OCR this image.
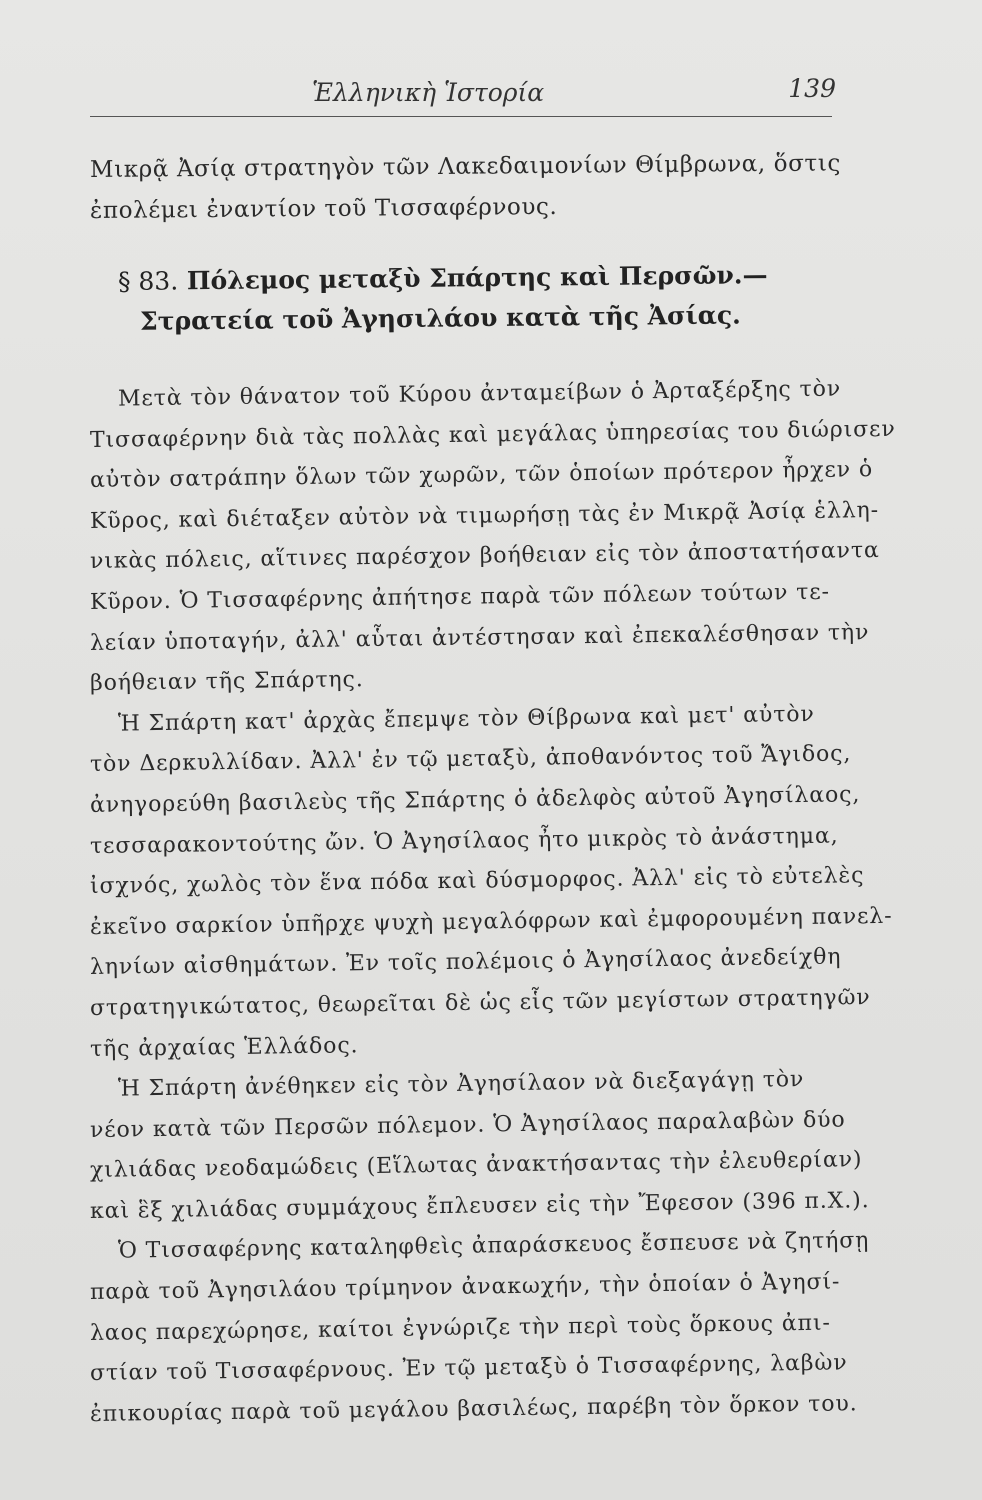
Ἑλληνικὴ Ἱστορία	139
Μικρᾷ Ἀσίᾳ στρατηγὸν τῶν Λακεδαιμονίων Θίμβρωνα, ὅστις
ἐπολέμει ἐναντίον τοῦ Τισσαφέρνους.
§ 83. Πόλεμος μεταξὺ Σπάρτης καὶ Περσῶν.—
Στρατεία τοῦ Ἀγησιλάου κατὰ τῆς Ἀσίας.
Μετὰ τὸν θάνατον τοῦ Κύρου ἀνταμείβων ὁ Ἀρταξέρξης τὸν
Τισσαφέρνην διὰ τὰς πολλὰς καὶ μεγάλας ὑπηρεσίας του διώρισεν
αὐτὸν σατράπην ὅλων τῶν χωρῶν, τῶν ὁποίων πρότερον ἦρχεν ὁ
Κῦρος, καὶ διέταξεν αὐτὸν νὰ τιμωρήσῃ τὰς ἐν Μικρᾷ Ἀσίᾳ ἑλλη-
νικὰς πόλεις, αἵτινες παρέσχον βοήθειαν εἰς τὸν ἀποστατήσαντα
Κῦρον. Ὁ Τισσαφέρνης ἀπήτησε παρὰ τῶν πόλεων τούτων τε-
λείαν ὑποταγήν, ἀλλ' αὗται ἀντέστησαν καὶ ἐπεκαλέσθησαν τὴν
βοήθειαν τῆς Σπάρτης.
Ἡ Σπάρτη κατ' ἀρχὰς ἔπεμψε τὸν Θίβρωνα καὶ μετ' αὐτὸν
τὸν Δερκυλλίδαν. Ἀλλ' ἐν τῷ μεταξὺ, ἀποθανόντος τοῦ Ἄγιδος,
ἀνηγορεύθη βασιλεὺς τῆς Σπάρτης ὁ ἀδελφὸς αὐτοῦ Ἀγησίλαος,
τεσσαρακοντούτης ὤν. Ὁ Ἀγησίλαος ἦτο μικρὸς τὸ ἀνάστημα,
ἰσχνός, χωλὸς τὸν ἕνα πόδα καὶ δύσμορφος. Ἀλλ' εἰς τὸ εὐτελὲς
ἐκεῖνο σαρκίον ὑπῆρχε ψυχὴ μεγαλόφρων καὶ ἐμφορουμένη πανελ-
ληνίων αἰσθημάτων. Ἐν τοῖς πολέμοις ὁ Ἀγησίλαος ἀνεδείχθη
στρατηγικώτατος, θεωρεῖται δὲ ὡς εἷς τῶν μεγίστων στρατηγῶν
τῆς ἀρχαίας Ἑλλάδος.
Ἡ Σπάρτη ἀνέθηκεν εἰς τὸν Ἀγησίλαον νὰ διεξαγάγῃ τὸν
νέον κατὰ τῶν Περσῶν πόλεμον. Ὁ Ἀγησίλαος παραλαβὼν δύο
χιλιάδας νεοδαμώδεις (Εἵλωτας ἀνακτήσαντας τὴν ἐλευθερίαν)
καὶ ἓξ χιλιάδας συμμάχους ἔπλευσεν εἰς τὴν Ἔφεσον (396 π.Χ.).
Ὁ Τισσαφέρνης καταληφθεὶς ἀπαράσκευος ἔσπευσε νὰ ζητήσῃ
παρὰ τοῦ Ἀγησιλάου τρίμηνον ἀνακωχήν, τὴν ὁποίαν ὁ Ἀγησί-
λαος παρεχώρησε, καίτοι ἐγνώριζε τὴν περὶ τοὺς ὅρκους ἀπι-
στίαν τοῦ Τισσαφέρνους. Ἐν τῷ μεταξὺ ὁ Τισσαφέρνης, λαβὼν
ἐπικουρίας παρὰ τοῦ μεγάλου βασιλέως, παρέβη τὸν ὅρκον του.
